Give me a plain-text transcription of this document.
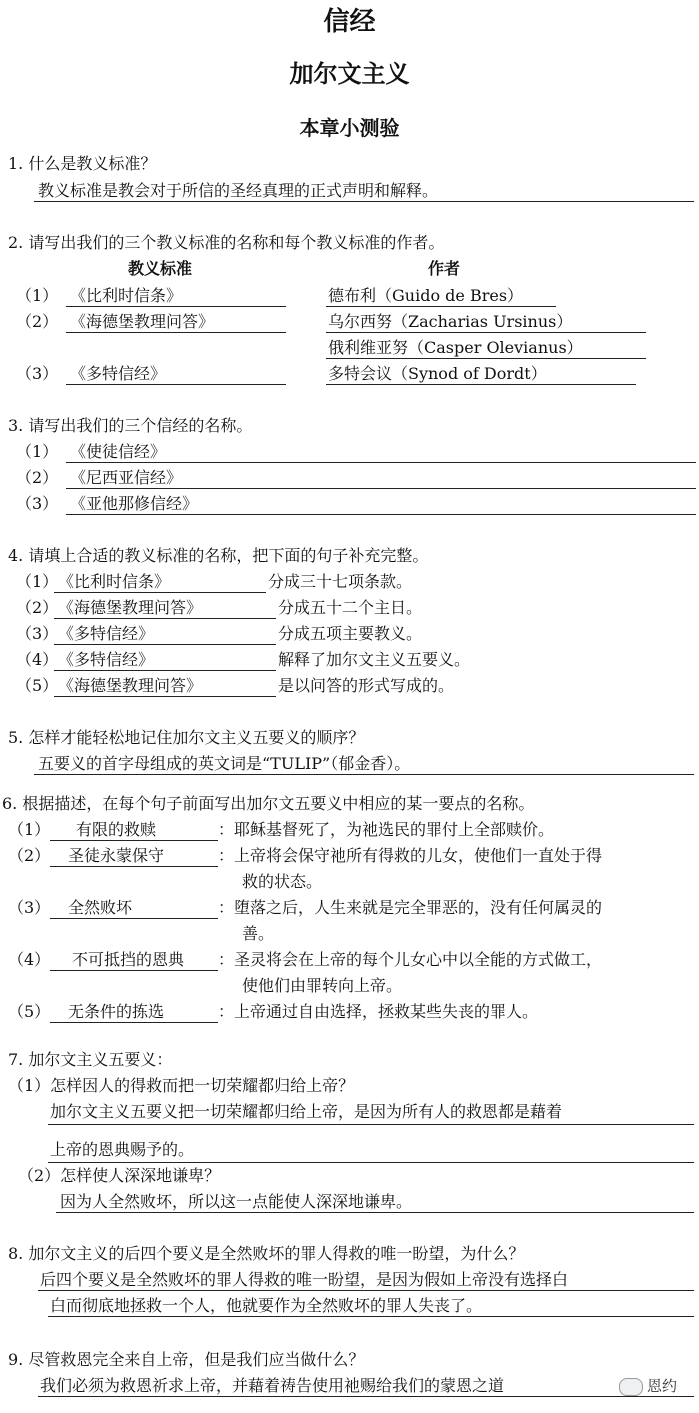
信经
加尔文主义
本章小测验
1. 什么是教义标准？
教义标准是教会对于所信的圣经真理的正式声明和解释。
2. 请写出我们的三个教义标准的名称和每个教义标准的作者。
教义标准	作者
（1） 《比利时信条》	德布利（Guido de Bres）
（2） 《海德堡教理问答》	乌尔西努（Zacharias Ursinus）
俄利维亚努（Casper Olevianus）
（3） 《多特信经》	多特会议（Synod of Dordt）
3. 请写出我们的三个信经的名称。
（1） 《使徒信经》
（2） 《尼西亚信经》
（3） 《亚他那修信经》
4. 请填上合适的教义标准的名称，把下面的句子补充完整。
（1） 《比利时信条》	分成三十七项条款。
（2） 《海德堡教理问答》	分成五十二个主日。
（3） 《多特信经》	分成五项主要教义。
（4） 《多特信经》	解释了加尔文主义五要义。
（5） 《海德堡教理问答》	是以问答的形式写成的。
5. 怎样才能轻松地记住加尔文主义五要义的顺序？
五要义的首字母组成的英文词是“TULIP”（郁金香）。
6. 根据描述，在每个句子前面写出加尔文五要义中相应的某一要点的名称。
（1） 有限的救赎	：耶稣基督死了，为祂选民的罪付上全部赎价。
（2） 圣徒永蒙保守	：上帝将会保守祂所有得救的儿女，使他们一直处于得
救的状态。
（3） 全然败坏	：堕落之后，人生来就是完全罪恶的，没有任何属灵的
善。
（4） 不可抵挡的恩典 ：圣灵将会在上帝的每个儿女心中以全能的方式做工，
使他们由罪转向上帝。
（5） 无条件的拣选	：上帝通过自由选择，拯救某些失丧的罪人。
7. 加尔文主义五要义：
（1）怎样因人的得救而把一切荣耀都归给上帝？
加尔文主义五要义把一切荣耀都归给上帝，是因为所有人的救恩都是藉着
上帝的恩典赐予的。
（2）怎样使人深深地谦卑？
因为人全然败坏，所以这一点能使人深深地谦卑。
8. 加尔文主义的后四个要义是全然败坏的罪人得救的唯一盼望，为什么？
后四个要义是全然败坏的罪人得救的唯一盼望，是因为假如上帝没有选择白
白而彻底地拯救一个人，他就要作为全然败坏的罪人失丧了。
9. 尽管救恩完全来自上帝，但是我们应当做什么？
我们必须为救恩祈求上帝，并藉着祷告使用祂赐给我们的蒙恩之道	恩约
